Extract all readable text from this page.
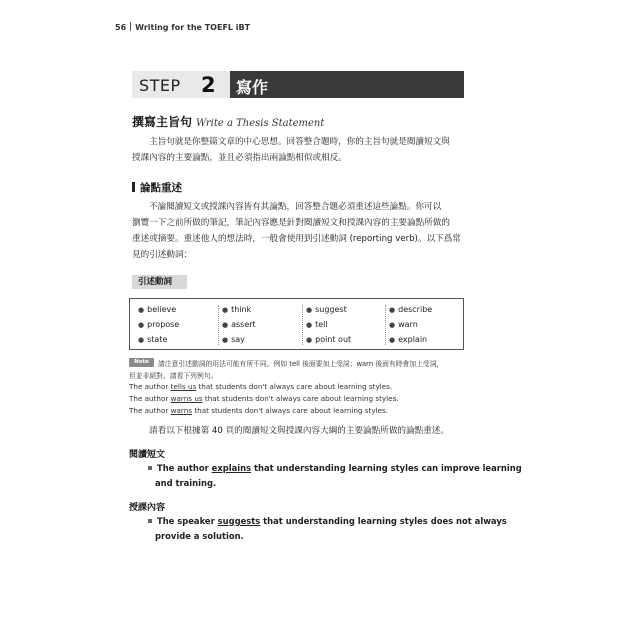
56 Writing for the TOEFL iBT
STEP 2 寫作
撰寫主旨句 Write a Thesis Statement
主旨句就是你整篇文章的中心思想。回答整合題時，你的主旨句就是閱讀短文與
授課內容的主要論點，並且必須指出兩論點相似或相反。
論點重述
不論閱讀短文或授課內容皆有其論點，回答整合題必須重述這些論點。你可以
瀏覽一下之前所做的筆記，筆記內容應是針對閱讀短文和授課內容的主要論點所做的
重述或摘要。重述他人的想法時，一般會使用到引述動詞 (reporting verb)。以下爲常
見的引述動詞：
引述動詞
● believe
● propose
● state
● think
● assert
● say
● suggest
● tell
● point out
● describe
● warn
● explain
Note	請注意引述動詞的用法可能有所不同。例如 tell 後面要加上受詞；warn 後面有時會加上受詞，
但並非絕對。請看下列例句。
The author tells us that students don't always care about learning styles.
The author warns us that students don't always care about learning styles.
The author warns that students don't always care about learning styles.
請看以下根據第 40 頁的閱讀短文與授課內容大綱的主要論點所做的論點重述。
閱讀短文
The author explains that understanding learning styles can improve learning
and training.
授課內容
The speaker suggests that understanding learning styles does not always
provide a solution.
